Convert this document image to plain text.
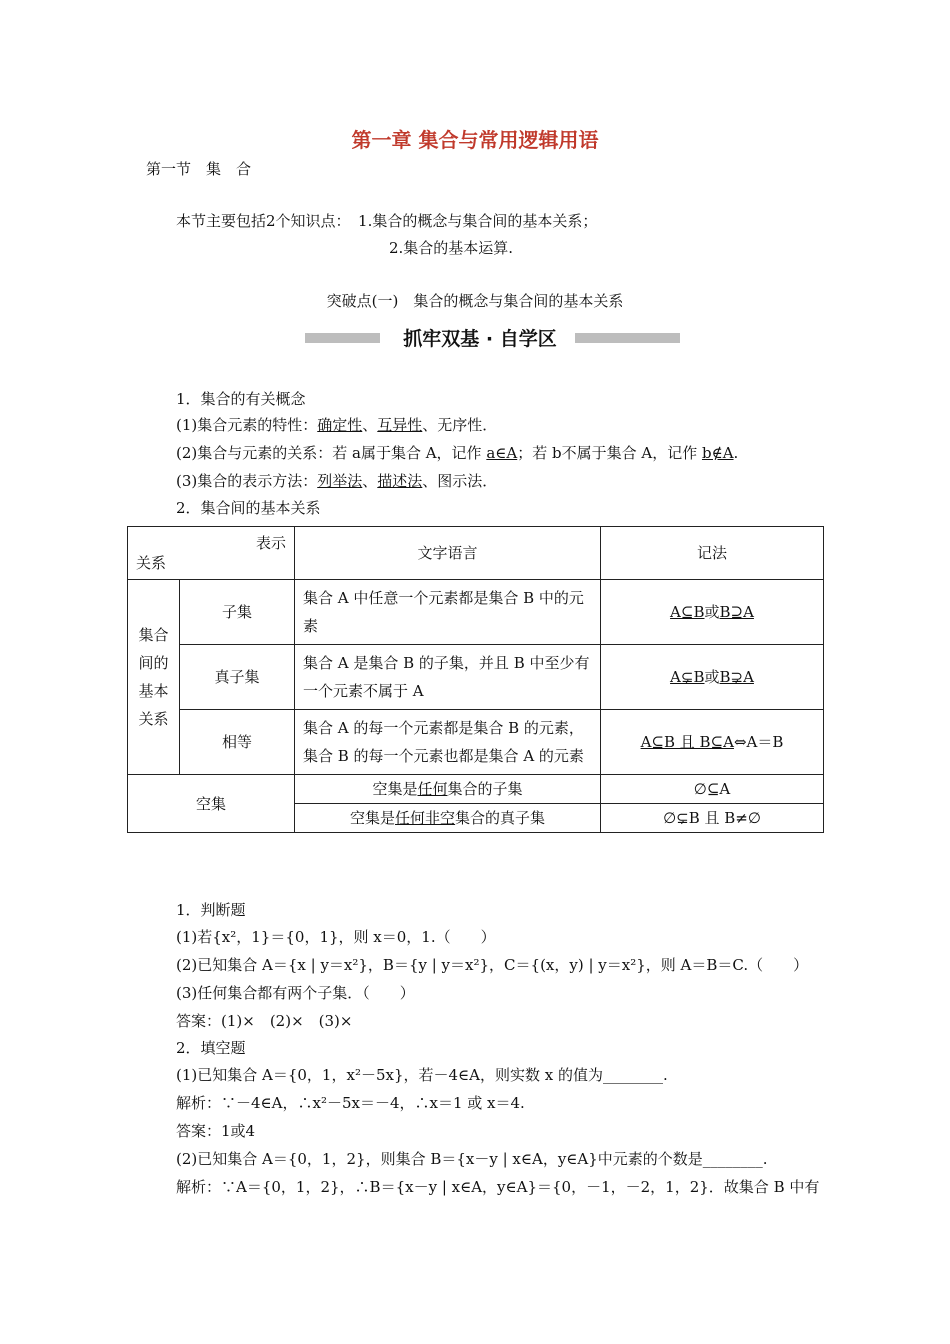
第一章 集合与常用逻辑用语
第一节　集　合
本节主要包括2个知识点：　1.集合的概念与集合间的基本关系；
2.集合的基本运算.
突破点(一)　集合的概念与集合间的基本关系
抓牢双基 · 自学区
1．集合的有关概念
(1)集合元素的特性：确定性、互异性、无序性．
(2)集合与元素的关系：若 a属于集合 A，记作 a∈A；若 b不属于集合 A，记作 b∉A.
(3)集合的表示方法：列举法、描述法、图示法．
2．集合间的基本关系
表示
关系		文字语言	记法
集合间的基本关系	子集	集合 A 中任意一个元素都是集合 B 中的元素	A⊆B或B⊇A
	真子集	集合 A 是集合 B 的子集，并且 B 中至少有一个元素不属于 A	A⊊B或B⊋A
	相等	集合 A 的每一个元素都是集合 B 的元素，集合 B 的每一个元素也都是集合 A 的元素	A⊆B 且 B⊆A⇔A＝B
空集		空集是任何集合的子集	∅⊆A
		空集是任何非空集合的真子集	∅⊊B 且 B≠∅
1．判断题
(1)若{x²，1}＝{0，1}，则 x＝0，1.（　　）
(2)已知集合 A＝{x | y＝x²}，B＝{y | y＝x²}，C＝{(x，y) | y＝x²}，则 A＝B＝C.（　　）
(3)任何集合都有两个子集．（　　）
答案：(1)×　(2)×　(3)×
2．填空题
(1)已知集合 A＝{0，1，x²－5x}，若－4∈A，则实数 x 的值为________.
解析：∵－4∈A，∴x²－5x＝－4，∴x＝1 或 x＝4.
答案：1或4
(2)已知集合 A＝{0，1，2}，则集合 B＝{x－y | x∈A，y∈A}中元素的个数是________.
解析：∵A＝{0，1，2}，∴B＝{x－y | x∈A，y∈A}＝{0，－1，－2，1，2}．故集合 B 中有
